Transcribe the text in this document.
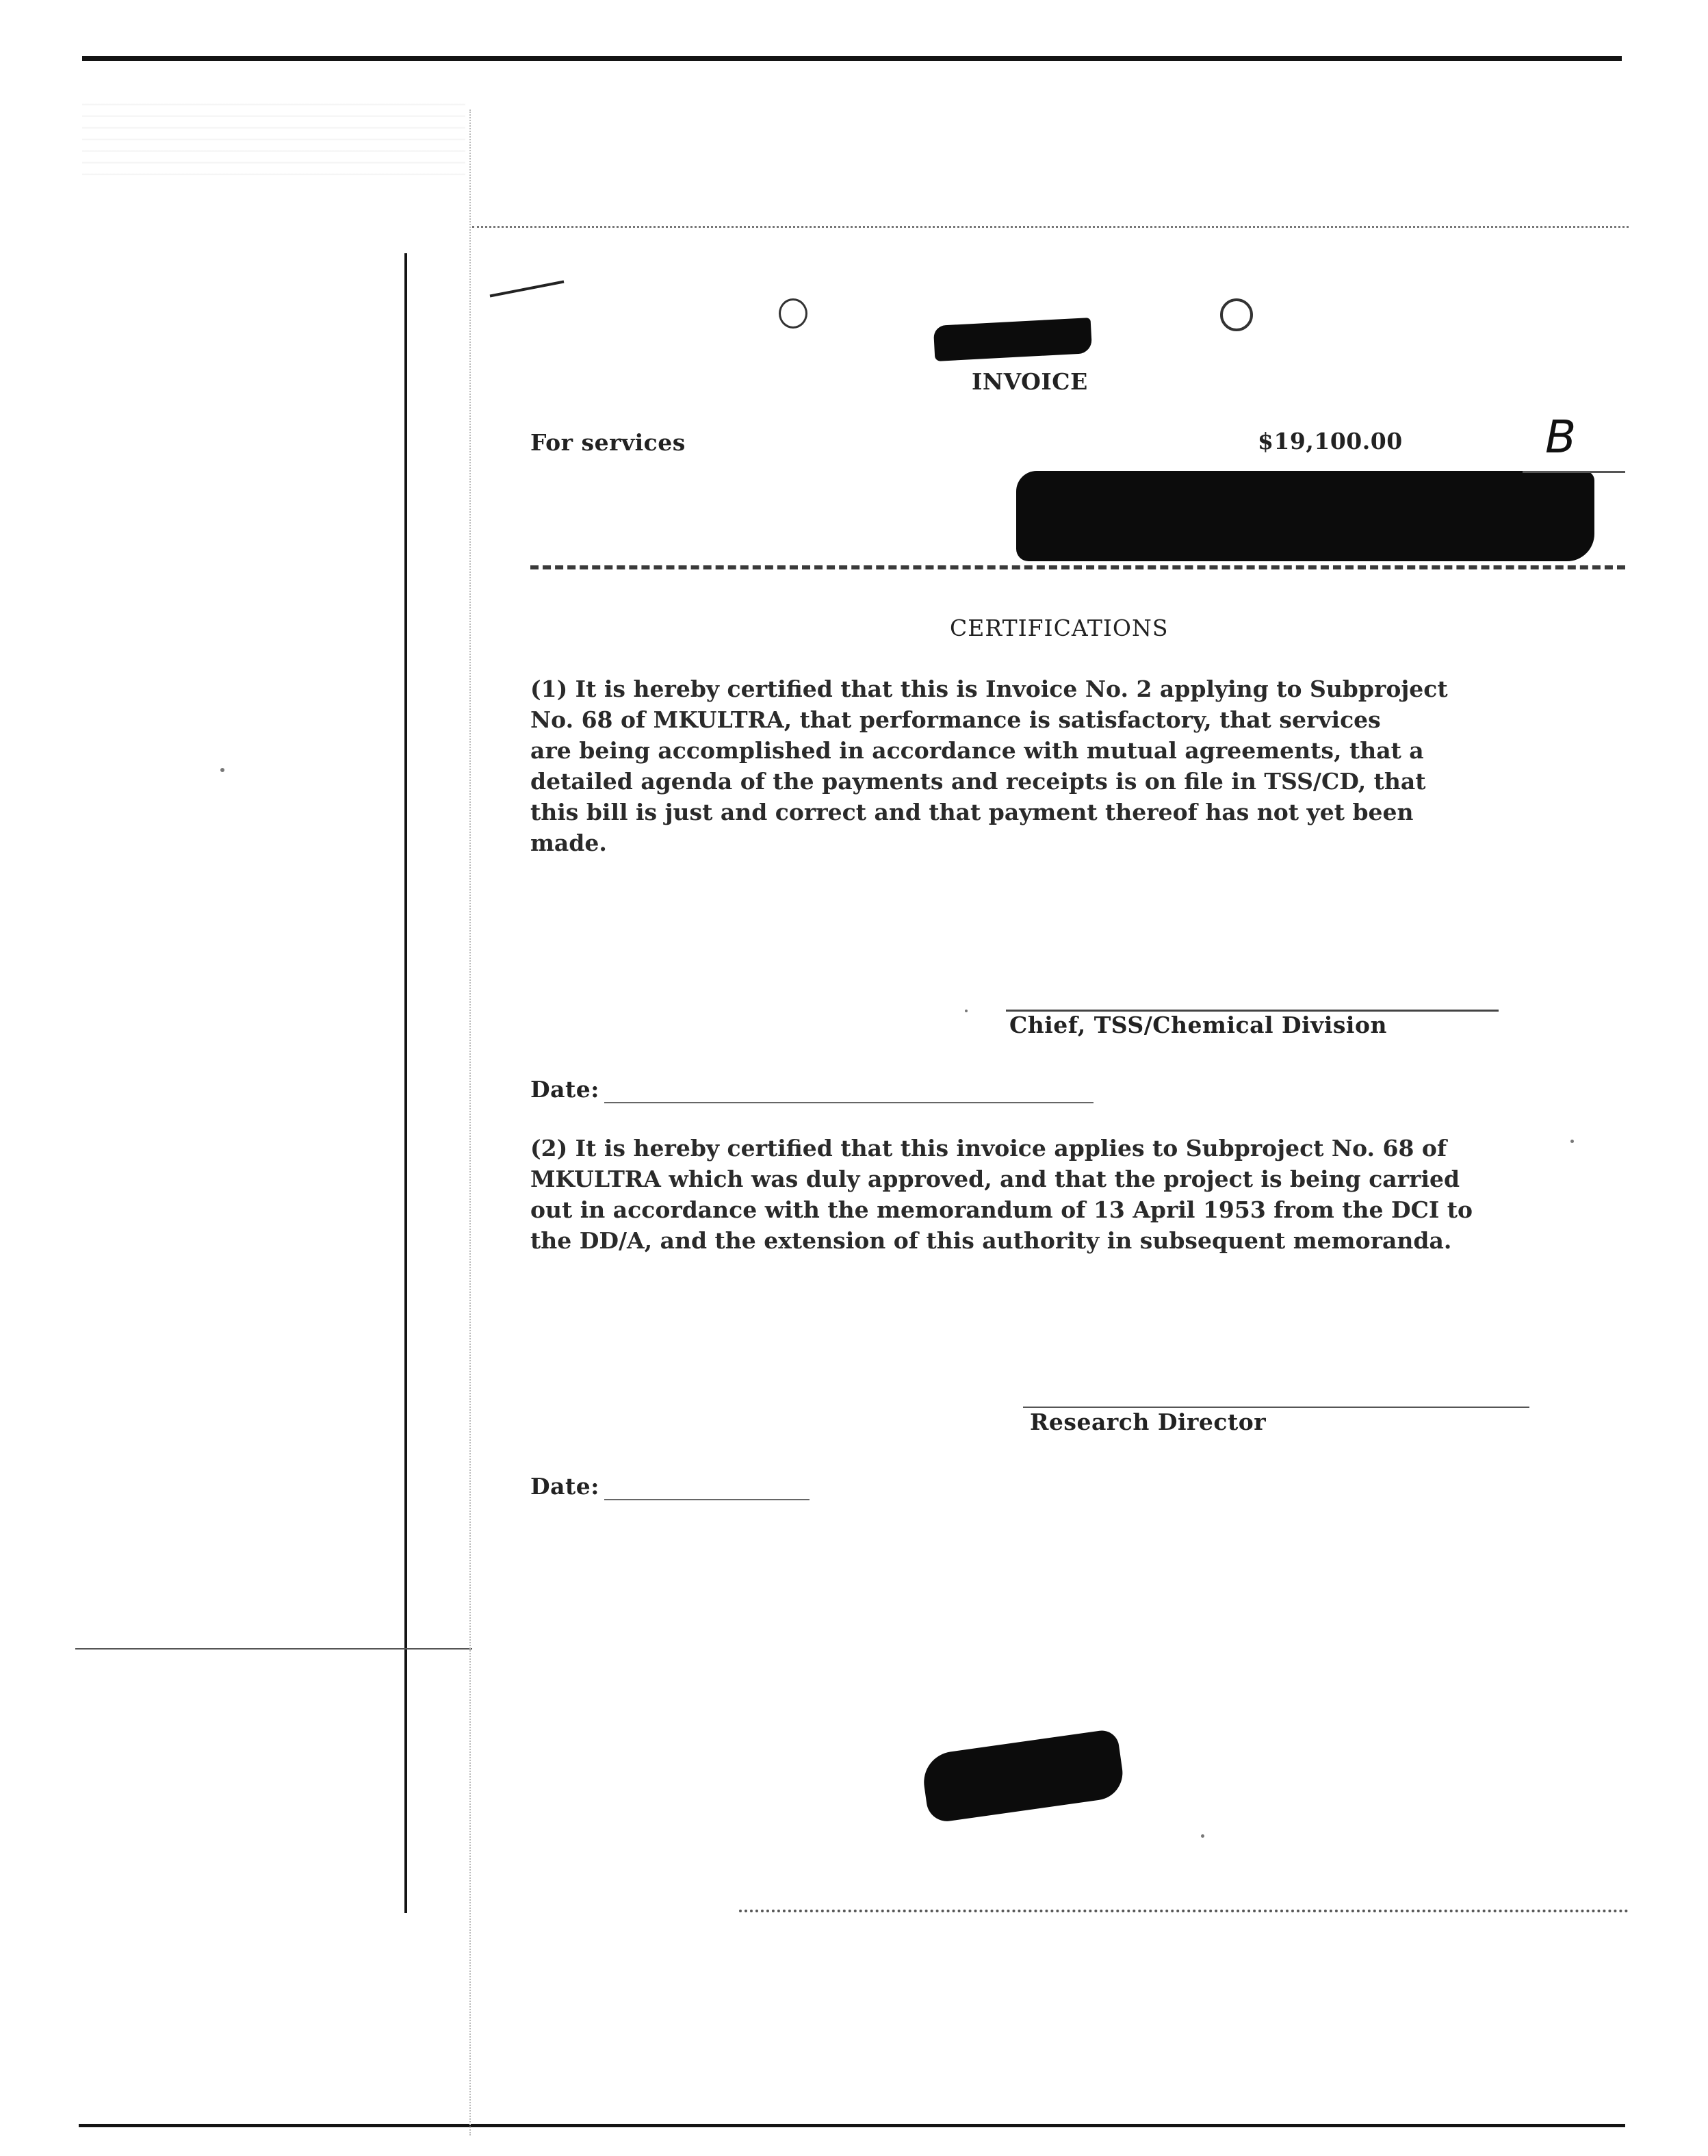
INVOICE
For services	$19,100.00	B
CERTIFICATIONS
(1) It is hereby certified that this is Invoice No. 2 applying to Subproject
No. 68 of MKULTRA, that performance is satisfactory, that services
are being accomplished in accordance with mutual agreements, that a
detailed agenda of the payments and receipts is on file in TSS/CD, that
this bill is just and correct and that payment thereof has not yet been
made.
Chief, TSS/Chemical Division
Date:
(2) It is hereby certified that this invoice applies to Subproject No. 68 of
MKULTRA which was duly approved, and that the project is being carried
out in accordance with the memorandum of 13 April 1953 from the DCI to
the DD/A, and the extension of this authority in subsequent memoranda.
Research Director
Date:
